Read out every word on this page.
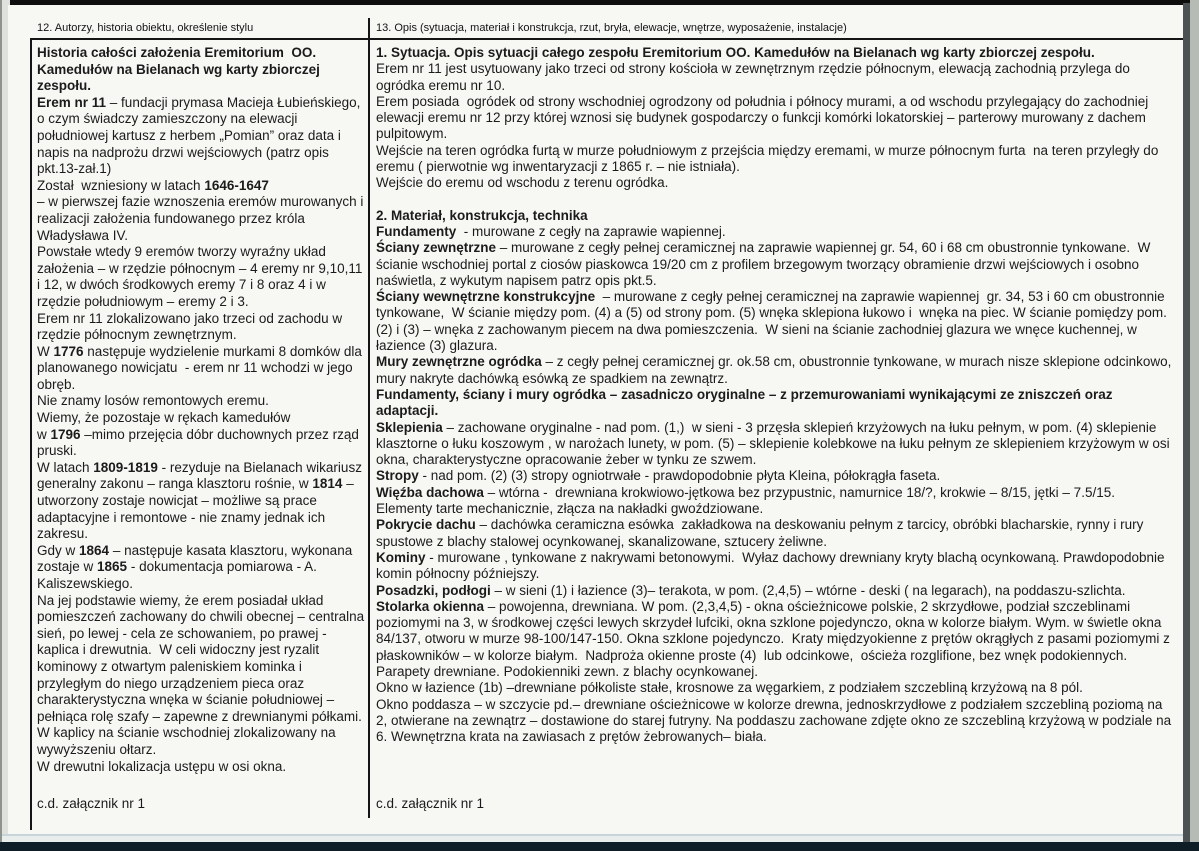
12. Autorzy, historia obiektu, określenie stylu	13. Opis (sytuacja, materiał i konstrukcja, rzut, bryła, elewacje, wnętrze, wyposażenie, instalacje)
Historia całości założenia Eremitorium  OO. Kamedułów na Bielanach wg karty zbiorczej zespołu.
Erem nr 11 – fundacji prymasa Macieja Łubieńskiego, o czym świadczy zamieszczony na elewacji południowej kartusz z herbem „Pomian” oraz data i napis na nadprożu drzwi wejściowych (patrz opis pkt.13-zał.1)
Został  wzniesiony w latach 1646-1647
– w pierwszej fazie wznoszenia eremów murowanych i realizacji założenia fundowanego przez króla Władysława IV.
Powstałe wtedy 9 eremów tworzy wyraźny układ założenia – w rzędzie północnym – 4 eremy nr 9,10,11 i 12, w dwóch środkowych eremy 7 i 8 oraz 4 i w rzędzie południowym – eremy 2 i 3.
Erem nr 11 zlokalizowano jako trzeci od zachodu w rzędzie północnym zewnętrznym.
W 1776 następuje wydzielenie murkami 8 domków dla planowanego nowicjatu  - erem nr 11 wchodzi w jego obręb.
Nie znamy losów remontowych eremu.
Wiemy, że pozostaje w rękach kamedułów
w 1796 –mimo przejęcia dóbr duchownych przez rząd pruski.
W latach 1809-1819 - rezyduje na Bielanach wikariusz generalny zakonu – ranga klasztoru rośnie, w 1814 – utworzony zostaje nowicjat – możliwe są prace adaptacyjne i remontowe - nie znamy jednak ich zakresu.
Gdy w 1864 – następuje kasata klasztoru, wykonana zostaje w 1865 - dokumentacja pomiarowa - A. Kaliszewskiego.
Na jej podstawie wiemy, że erem posiadał układ pomieszczeń zachowany do chwili obecnej – centralna sień, po lewej - cela ze schowaniem, po prawej - kaplica i drewutnia.  W celi widoczny jest ryzalit kominowy z otwartym paleniskiem kominka i przyległym do niego urządzeniem pieca oraz charakterystyczna wnęka w ścianie południowej – pełniąca rolę szafy – zapewne z drewnianymi półkami. W kaplicy na ścianie wschodniej zlokalizowany na wywyższeniu ołtarz.
W drewutni lokalizacja ustępu w osi okna.
1. Sytuacja. Opis sytuacji całego zespołu Eremitorium OO. Kamedułów na Bielanach wg karty zbiorczej zespołu.
Erem nr 11 jest usytuowany jako trzeci od strony kościoła w zewnętrznym rzędzie północnym, elewacją zachodnią przylega do ogródka eremu nr 10.
Erem posiada  ogródek od strony wschodniej ogrodzony od południa i północy murami, a od wschodu przylegający do zachodniej elewacji eremu nr 12 przy której wznosi się budynek gospodarczy o funkcji komórki lokatorskiej – parterowy murowany z dachem pulpitowym.
Wejście na teren ogródka furtą w murze południowym z przejścia między eremami, w murze północnym furta  na teren przyległy do eremu ( pierwotnie wg inwentaryzacji z 1865 r. – nie istniała).
Wejście do eremu od wschodu z terenu ogródka.
2. Materiał, konstrukcja, technika
Fundamenty  - murowane z cegły na zaprawie wapiennej.
Ściany zewnętrzne – murowane z cegły pełnej ceramicznej na zaprawie wapiennej gr. 54, 60 i 68 cm obustronnie tynkowane.  W ścianie wschodniej portal z ciosów piaskowca 19/20 cm z profilem brzegowym tworzący obramienie drzwi wejściowych i osobno naświetla, z wykutym napisem patrz opis pkt.5.
Ściany wewnętrzne konstrukcyjne  – murowane z cegły pełnej ceramicznej na zaprawie wapiennej  gr. 34, 53 i 60 cm obustronnie tynkowane,  W ścianie między pom. (4) a (5) od strony pom. (5) wnęka sklepiona łukowo i  wnęka na piec. W ścianie pomiędzy pom. (2) i (3) – wnęka z zachowanym piecem na dwa pomieszczenia.  W sieni na ścianie zachodniej glazura we wnęce kuchennej, w łazience (3) glazura.
Mury zewnętrzne ogródka – z cegły pełnej ceramicznej gr. ok.58 cm, obustronnie tynkowane, w murach nisze sklepione odcinkowo, mury nakryte dachówką esówką ze spadkiem na zewnątrz.
Fundamenty, ściany i mury ogródka – zasadniczo oryginalne – z przemurowaniami wynikającymi ze zniszczeń oraz adaptacji.
Sklepienia – zachowane oryginalne - nad pom. (1,)  w sieni - 3 przęsła sklepień krzyżowych na łuku pełnym, w pom. (4) sklepienie klasztorne o łuku koszowym , w narożach lunety, w pom. (5) – sklepienie kolebkowe na łuku pełnym ze sklepieniem krzyżowym w osi okna, charakterystyczne opracowanie żeber w tynku ze szwem.
Stropy - nad pom. (2) (3) stropy ogniotrwałe - prawdopodobnie płyta Kleina, półokrągła faseta.
Więźba dachowa – wtórna -  drewniana krokwiowo-jętkowa bez przypustnic, namurnice 18/?, krokwie – 8/15, jętki – 7.5/15. Elementy tarte mechanicznie, złącza na nakładki gwoździowane.
Pokrycie dachu – dachówka ceramiczna esówka  zakładkowa na deskowaniu pełnym z tarcicy, obróbki blacharskie, rynny i rury spustowe z blachy stalowej ocynkowanej, skanalizowane, sztucery żeliwne.
Kominy - murowane , tynkowane z nakrywami betonowymi.  Wyłaz dachowy drewniany kryty blachą ocynkowaną. Prawdopodobnie komin północny późniejszy.
Posadzki, podłogi – w sieni (1) i łazience (3)– terakota, w pom. (2,4,5) – wtórne - deski ( na legarach), na poddaszu-szlichta.
Stolarka okienna – powojenna, drewniana. W pom. (2,3,4,5) - okna ościeżnicowe polskie, 2 skrzydłowe, podział szczeblinami poziomymi na 3, w środkowej części lewych skrzydeł lufciki, okna szklone pojedynczo, okna w kolorze białym. Wym. w świetle okna 84/137, otworu w murze 98-100/147-150. Okna szklone pojedynczo.  Kraty międzyokienne z prętów okrągłych z pasami poziomymi z płaskowników – w kolorze białym.  Nadproża okienne proste (4)  lub odcinkowe,  ościeża rozglifione, bez wnęk podokiennych. Parapety drewniane. Podokienniki zewn. z blachy ocynkowanej.
Okno w łazience (1b) –drewniane półkoliste stałe, krosnowe za węgarkiem, z podziałem szczebliną krzyżową na 8 pól.
Okno poddasza – w szczycie pd.– drewniane ościeżnicowe w kolorze drewna, jednoskrzydłowe z podziałem szczebliną poziomą na 2, otwierane na zewnątrz – dostawione do starej futryny. Na poddaszu zachowane zdjęte okno ze szczebliną krzyżową w podziale na 6. Wewnętrzna krata na zawiasach z prętów żebrowanych– biała.
c.d. załącznik nr 1	c.d. załącznik nr 1
